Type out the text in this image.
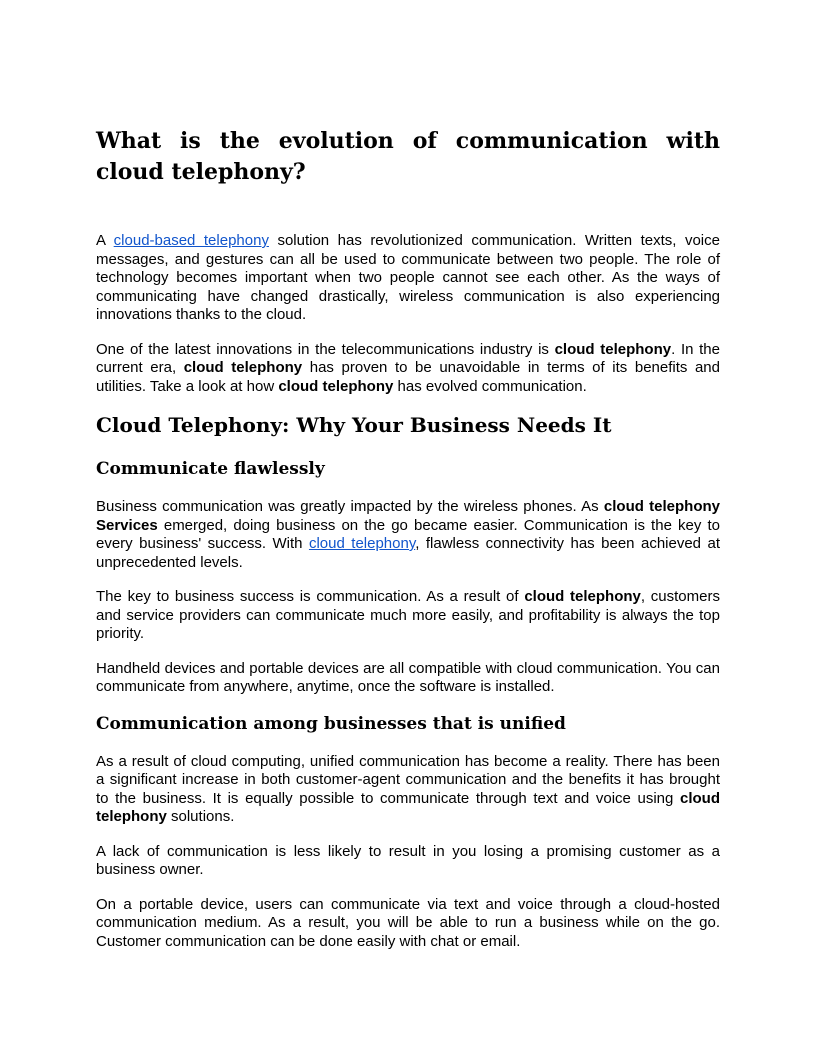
What is the evolution of communication with cloud telephony?

A cloud-based telephony solution has revolutionized communication. Written texts, voice messages, and gestures can all be used to communicate between two people. The role of technology becomes important when two people cannot see each other. As the ways of communicating have changed drastically, wireless communication is also experiencing innovations thanks to the cloud.

One of the latest innovations in the telecommunications industry is cloud telephony. In the current era, cloud telephony has proven to be unavoidable in terms of its benefits and utilities. Take a look at how cloud telephony has evolved communication.

Cloud Telephony: Why Your Business Needs It
Communicate flawlessly

Business communication was greatly impacted by the wireless phones. As cloud telephony Services emerged, doing business on the go became easier. Communication is the key to every business' success. With cloud telephony, flawless connectivity has been achieved at unprecedented levels.

The key to business success is communication. As a result of cloud telephony, customers and service providers can communicate much more easily, and profitability is always the top priority.

Handheld devices and portable devices are all compatible with cloud communication. You can communicate from anywhere, anytime, once the software is installed.

Communication among businesses that is unified

As a result of cloud computing, unified communication has become a reality. There has been a significant increase in both customer-agent communication and the benefits it has brought to the business. It is equally possible to communicate through text and voice using cloud telephony solutions.

A lack of communication is less likely to result in you losing a promising customer as a business owner.

On a portable device, users can communicate via text and voice through a cloud-hosted communication medium. As a result, you will be able to run a business while on the go. Customer communication can be done easily with chat or email.
